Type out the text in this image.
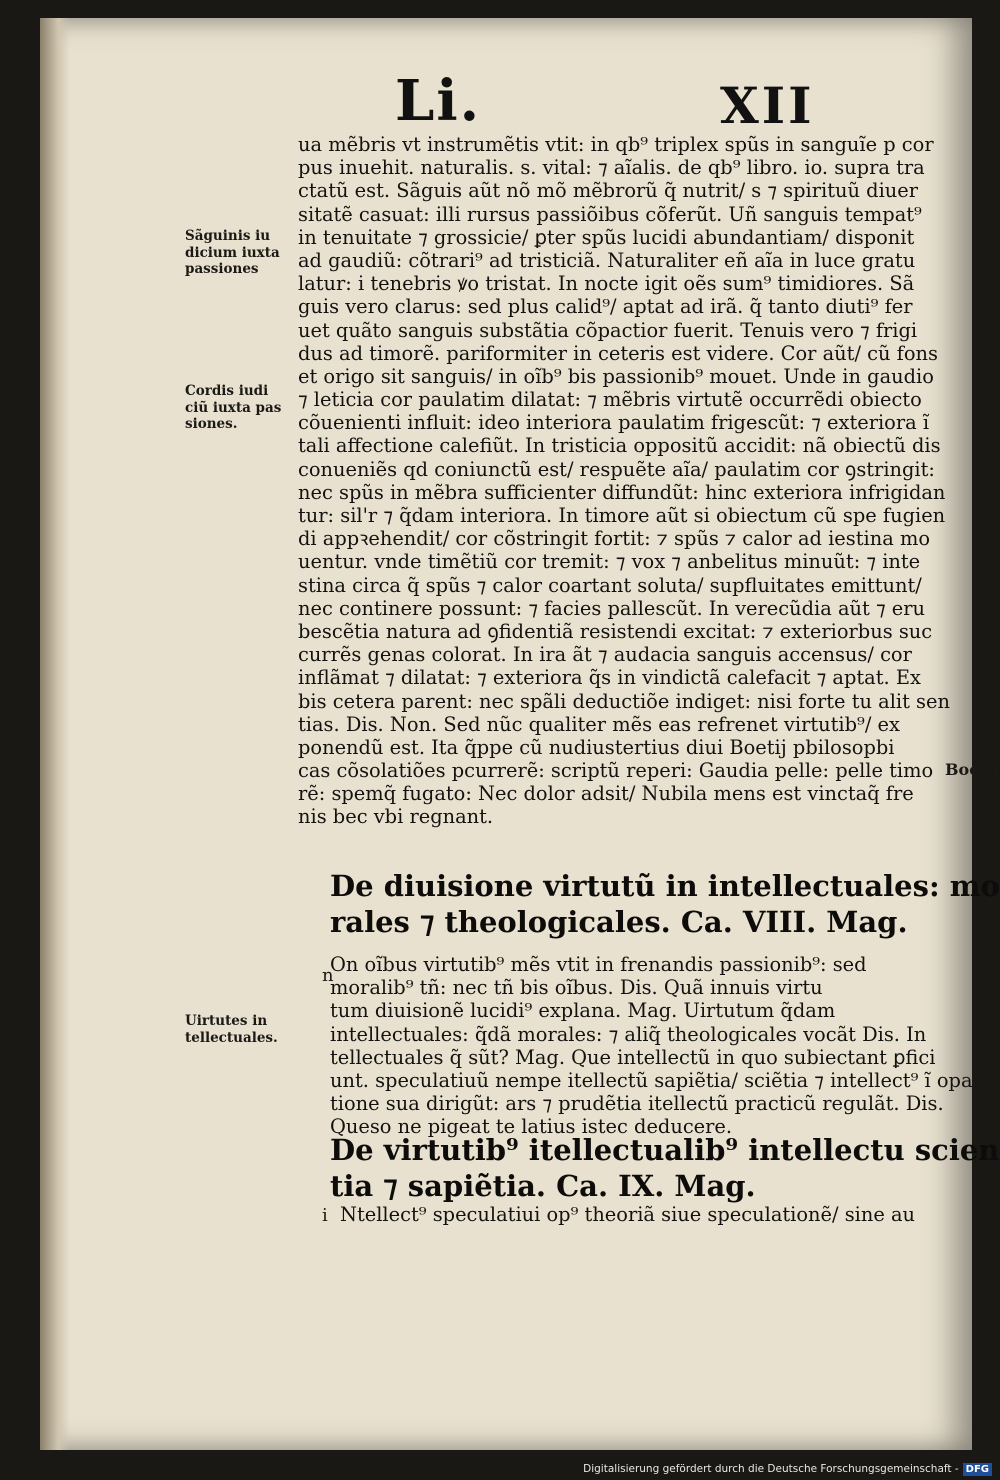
Li.	XII
Sãguinis iu
dicium iuxta
passiones
Cordis iudi
ciũ iuxta pas
siones.
Uirtutes in
tellectuales.
Boetij
n
i
ua mẽbris vt instrumẽtis vtit: in qb⁹ triplex spũs in sanguĩe p cor
pus inuehit. naturalis. s. vital: ⁊ aĩalis. de qb⁹ libro. io. supra tra
ctatũ est. Sãguis aũt nõ mõ mẽbrorũ q̃ nutrit/ s ⁊ spirituũ diuer
sitatẽ casuat: illi rursus passiõibus cõferũt. Uñ sanguis tempat⁹
in tenuitate ⁊ grossicie/ ꝑter spũs lucidi abundantiam/ disponit
ad gaudiũ: cõtrari⁹ ad tristiciã. Naturaliter eñ aĩa in luce gratu
latur: i tenebris ꝟo tristat. In nocte igit oẽs sum⁹ timidiores. Sã
guis vero clarus: sed plus calid⁹/ aptat ad irã. q̃ tanto diuti⁹ fer
uet quãto sanguis substãtia cõpactior fuerit. Tenuis vero ⁊ frigi
dus ad timorẽ. pariformiter in ceteris est videre. Cor aũt/ cũ fons
et origo sit sanguis/ in oĩb⁹ bis passionib⁹ mouet. Unde in gaudio
⁊ leticia cor paulatim dilatat: ⁊ mẽbris virtutẽ occurrẽdi obiecto
cõuenienti influit: ideo interiora paulatim frigescũt: ⁊ exteriora ĩ
tali affectione calefiũt. In tristicia oppositũ accidit: nã obiectũ dis
conueniẽs qd coniunctũ est/ respuẽte aĩa/ paulatim cor ꝯstringit:
nec spũs in mẽbra sufficienter diffundũt: hinc exteriora infrigidan
tur: sil'r ⁊ q̃dam interiora. In timore aũt si obiectum cũ spe fugien
di appꝛehendit/ cor cõstringit fortit: ⁊ spũs ⁊ calor ad iestina mo
uentur. vnde timẽtiũ cor tremit: ⁊ vox ⁊ anbelitus minuũt: ⁊ inte
stina circa q̃ spũs ⁊ calor coartant soluta/ supfluitates emittunt/
nec continere possunt: ⁊ facies pallescũt. In verecũdia aũt ⁊ eru
bescẽtia natura ad ꝯfidentiã resistendi excitat: ⁊ exteriorbus suc
currẽs genas colorat. In ira ãt ⁊ audacia sanguis accensus/ cor
inflãmat ⁊ dilatat: ⁊ exteriora q̃s in vindictã calefacit ⁊ aptat. Ex
bis cetera parent: nec spãli deductiõe indiget: nisi forte tu alit sen
tias. Dis. Non. Sed nũc qualiter mẽs eas refrenet virtutib⁹/ ex
ponendũ est. Ita q̃ppe cũ nudiustertius diui Boetij pbilosopbi
cas cõsolatiões pcurrerẽ: scriptũ reperi: Gaudia pelle: pelle timo
rẽ: spemq̃ fugato: Nec dolor adsit/ Nubila mens est vinctaq̃ fre
nis bec vbi regnant.
De diuisione virtutũ in intellectuales: mo
rales ⁊ theologicales. Ca. VIII. Mag.
On oĩbus virtutib⁹ mẽs vtit in frenandis passionib⁹: sed
moralib⁹ tñ: nec tñ bis oĩbus. Dis. Quã innuis virtu
tum diuisionẽ lucidi⁹ explana. Mag. Uirtutum q̃dam
intellectuales: q̃dã morales: ⁊ aliq̃ theologicales vocãt Dis. In
tellectuales q̃ sũt? Mag. Que intellectũ in quo subiectant ꝑfici
unt. speculatiuũ nempe itellectũ sapiẽtia/ sciẽtia ⁊ intellect⁹ ĩ opa
tione sua dirigũt: ars ⁊ prudẽtia itellectũ practicũ regulãt. Dis.
Queso ne pigeat te latius istec deducere.
De virtutib⁹ itellectualib⁹ intellectu scien
tia ⁊ sapiẽtia. Ca. IX. Mag.
Ntellect⁹ speculatiui op⁹ theoriã siue speculationẽ/ sine au
Digitalisierung gefördert durch die Deutsche Forschungsgemeinschaft - DFG
